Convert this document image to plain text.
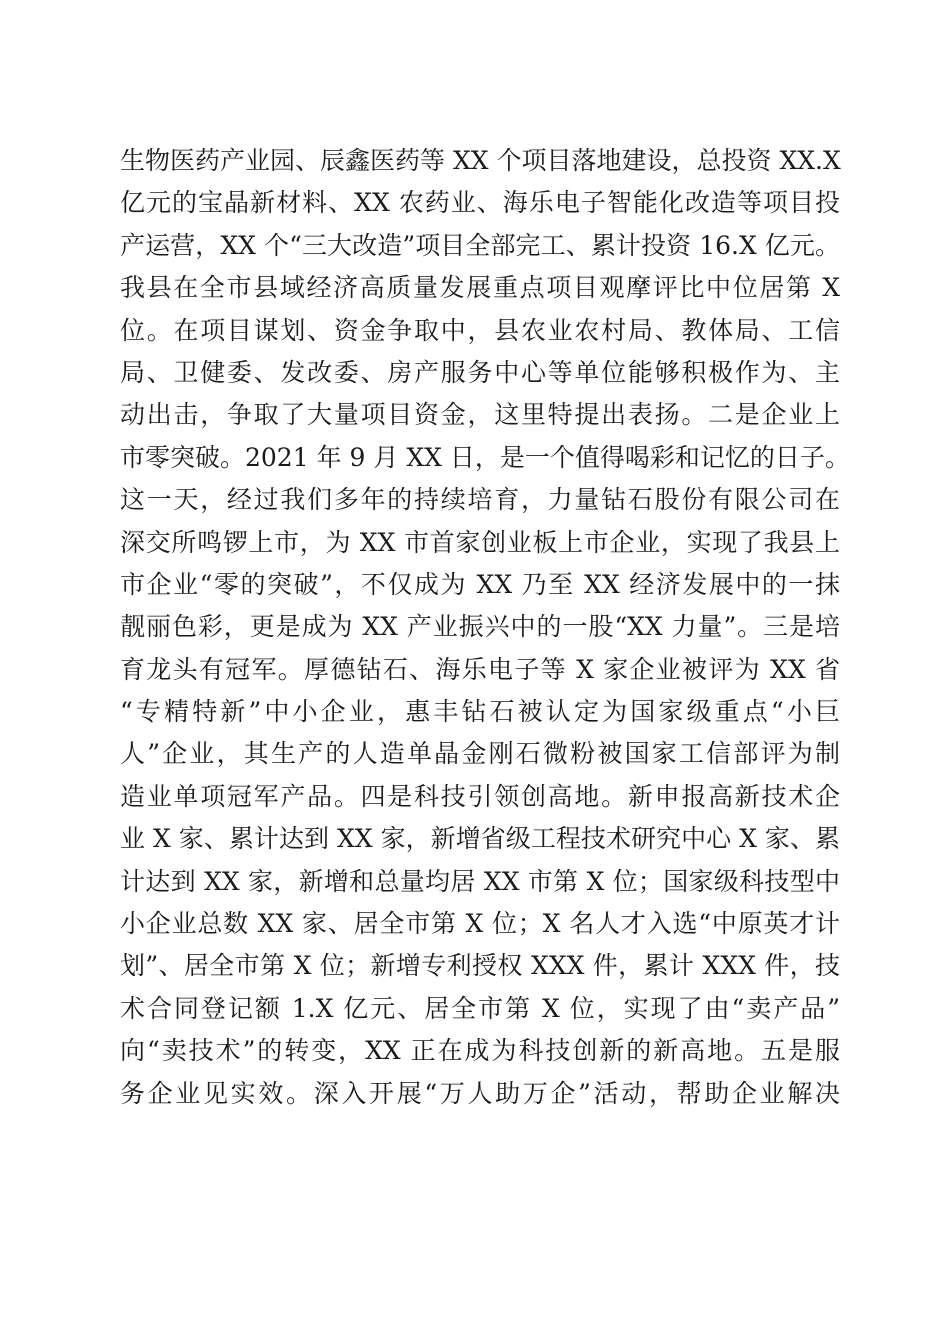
生物医药产业园、辰鑫医药等 XX 个项目落地建设，总投资 XX.X
亿元的宝晶新材料、XX 农药业、海乐电子智能化改造等项目投
产运营，XX 个“三大改造”项目全部完工、累计投资 16.X 亿元。
我县在全市县域经济高质量发展重点项目观摩评比中位居第 X
位。在项目谋划、资金争取中，县农业农村局、教体局、工信
局、卫健委、发改委、房产服务中心等单位能够积极作为、主
动出击，争取了大量项目资金，这里特提出表扬。二是企业上
市零突破。2021 年 9 月 XX 日，是一个值得喝彩和记忆的日子。
这一天，经过我们多年的持续培育，力量钻石股份有限公司在
深交所鸣锣上市，为 XX 市首家创业板上市企业，实现了我县上
市企业“零的突破”，不仅成为 XX 乃至 XX 经济发展中的一抹
靓丽色彩，更是成为 XX 产业振兴中的一股“XX 力量”。三是培
育龙头有冠军。厚德钻石、海乐电子等 X 家企业被评为 XX 省
“专精特新”中小企业，惠丰钻石被认定为国家级重点“小巨
人”企业，其生产的人造单晶金刚石微粉被国家工信部评为制
造业单项冠军产品。四是科技引领创高地。新申报高新技术企
业 X 家、累计达到 XX 家，新增省级工程技术研究中心 X 家、累
计达到 XX 家，新增和总量均居 XX 市第 X 位；国家级科技型中
小企业总数 XX 家、居全市第 X 位；X 名人才入选“中原英才计
划”、居全市第 X 位；新增专利授权 XXX 件，累计 XXX 件，技
术合同登记额 1.X 亿元、居全市第 X 位，实现了由“卖产品”
向“卖技术”的转变，XX 正在成为科技创新的新高地。五是服
务企业见实效。深入开展“万人助万企”活动，帮助企业解决
